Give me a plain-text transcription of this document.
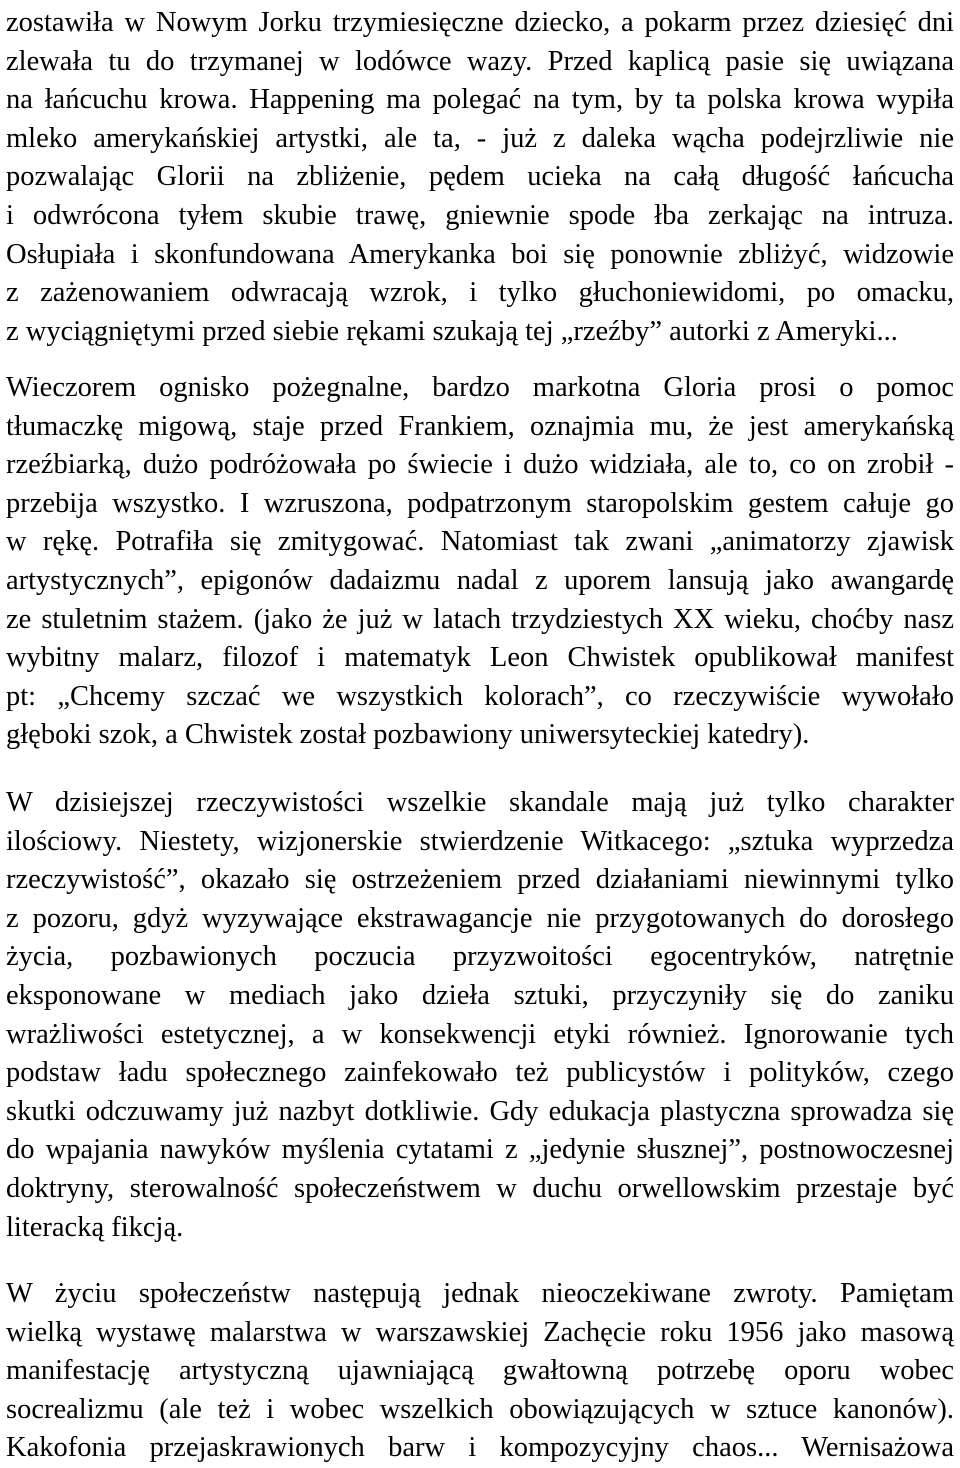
zostawiła w Nowym Jorku trzymiesięczne dziecko, a pokarm przez dziesięć dni
zlewała tu do trzymanej w lodówce wazy. Przed kaplicą pasie się uwiązana
na łańcuchu krowa. Happening ma polegać na tym, by ta polska krowa wypiła
mleko amerykańskiej artystki, ale ta, - już z daleka wącha podejrzliwie nie
pozwalając Glorii na zbliżenie, pędem ucieka na całą długość łańcucha
i odwrócona tyłem skubie trawę, gniewnie spode łba zerkając na intruza.
Osłupiała i skonfundowana Amerykanka boi się ponownie zbliżyć, widzowie
z zażenowaniem odwracają wzrok, i tylko głuchoniewidomi, po omacku,
z wyciągniętymi przed siebie rękami szukają tej „rzeźby” autorki z Ameryki...
Wieczorem ognisko pożegnalne, bardzo markotna Gloria prosi o pomoc
tłumaczkę migową, staje przed Frankiem, oznajmia mu, że jest amerykańską
rzeźbiarką, dużo podróżowała po świecie i dużo widziała, ale to, co on zrobił -
przebija wszystko. I wzruszona, podpatrzonym staropolskim gestem całuje go
w rękę. Potrafiła się zmitygować. Natomiast tak zwani „animatorzy zjawisk
artystycznych”, epigonów dadaizmu nadal z uporem lansują jako awangardę
ze stuletnim stażem. (jako że już w latach trzydziestych XX wieku, choćby nasz
wybitny malarz, filozof i matematyk Leon Chwistek opublikował manifest
pt: „Chcemy szczać we wszystkich kolorach”, co rzeczywiście wywołało
głęboki szok, a Chwistek został pozbawiony uniwersyteckiej katedry).
W dzisiejszej rzeczywistości wszelkie skandale mają już tylko charakter
ilościowy. Niestety, wizjonerskie stwierdzenie Witkacego: „sztuka wyprzedza
rzeczywistość”, okazało się ostrzeżeniem przed działaniami niewinnymi tylko
z pozoru, gdyż wyzywające ekstrawagancje nie przygotowanych do dorosłego
życia, pozbawionych poczucia przyzwoitości egocentryków, natrętnie
eksponowane w mediach jako dzieła sztuki, przyczyniły się do zaniku
wrażliwości estetycznej, a w konsekwencji etyki również. Ignorowanie tych
podstaw ładu społecznego zainfekowało też publicystów i polityków, czego
skutki odczuwamy już nazbyt dotkliwie. Gdy edukacja plastyczna sprowadza się
do wpajania nawyków myślenia cytatami z „jedynie słusznej”, postnowoczesnej
doktryny, sterowalność społeczeństwem w duchu orwellowskim przestaje być
literacką fikcją.
W życiu społeczeństw następują jednak nieoczekiwane zwroty. Pamiętam
wielką wystawę malarstwa w warszawskiej Zachęcie roku 1956 jako masową
manifestację artystyczną ujawniającą gwałtowną potrzebę oporu wobec
socrealizmu (ale też i wobec wszelkich obowiązujących w sztuce kanonów).
Kakofonia przejaskrawionych barw i kompozycyjny chaos... Wernisażowa
